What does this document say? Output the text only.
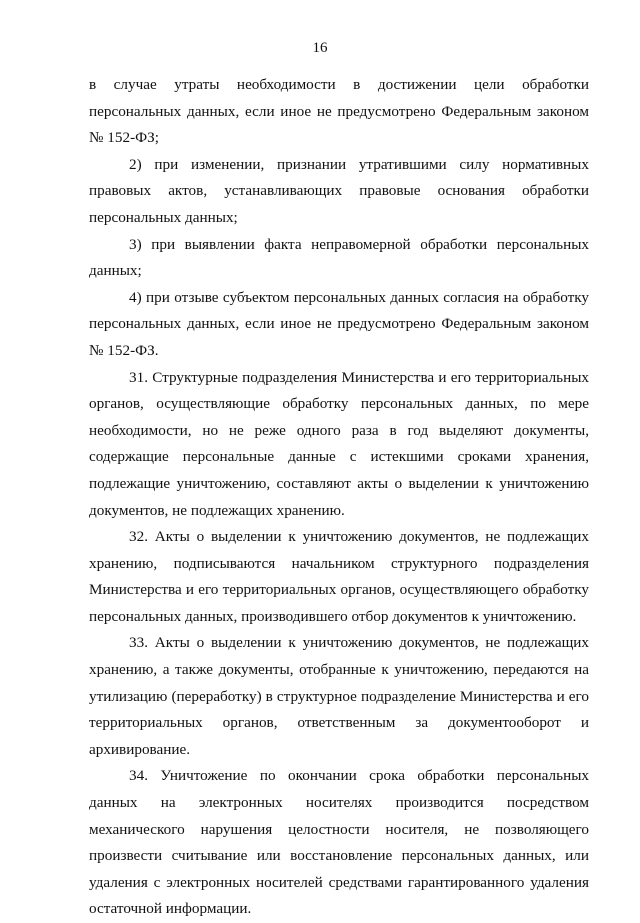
16

в случае утраты необходимости в достижении цели обработки персональных данных, если иное не предусмотрено Федеральным законом № 152-ФЗ;

2) при изменении, признании утратившими силу нормативных правовых актов, устанавливающих правовые основания обработки персональных данных;

3) при выявлении факта неправомерной обработки персональных данных;

4) при отзыве субъектом персональных данных согласия на обработку персональных данных, если иное не предусмотрено Федеральным законом № 152-ФЗ.

31. Структурные подразделения Министерства и его территориальных органов, осуществляющие обработку персональных данных, по мере необходимости, но не реже одного раза в год выделяют документы, содержащие персональные данные с истекшими сроками хранения, подлежащие уничтожению, составляют акты о выделении к уничтожению документов, не подлежащих хранению.

32. Акты о выделении к уничтожению документов, не подлежащих хранению, подписываются начальником структурного подразделения Министерства и его территориальных органов, осуществляющего обработку персональных данных, производившего отбор документов к уничтожению.

33. Акты о выделении к уничтожению документов, не подлежащих хранению, а также документы, отобранные к уничтожению, передаются на утилизацию (переработку) в структурное подразделение Министерства и его территориальных органов, ответственным за документооборот и архивирование.

34. Уничтожение по окончании срока обработки персональных данных на электронных носителях производится посредством механического нарушения целостности носителя, не позволяющего произвести считывание или восстановление персональных данных, или удаления с электронных носителей средствами гарантированного удаления остаточной информации.
